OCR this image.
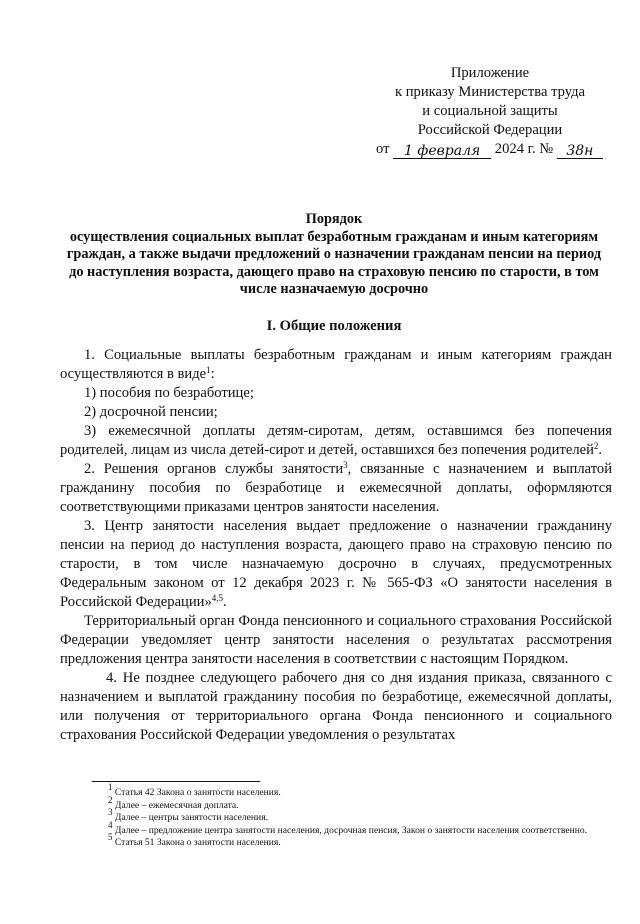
Приложение
к приказу Министерства труда
и социальной защиты
Российской Федерации
от 1 февраля 2024 г. № 38н
Порядок
осуществления социальных выплат безработным гражданам и иным категориям граждан, а также выдачи предложений о назначении гражданам пенсии на период до наступления возраста, дающего право на страховую пенсию по старости, в том числе назначаемую досрочно
I. Общие положения

1. Социальные выплаты безработным гражданам и иным категориям граждан осуществляются в виде$^1$:

1) пособия по безработице;

2) досрочной пенсии;

3) ежемесячной доплаты детям-сиротам, детям, оставшимся без попечения родителей, лицам из числа детей-сирот и детей, оставшихся без попечения родителей$^2$.

2. Решения органов службы занятости$^3$, связанные с назначением и выплатой гражданину пособия по безработице и ежемесячной доплаты, оформляются соответствующими приказами центров занятости населения.

3. Центр занятости населения выдает предложение о назначении гражданину пенсии на период до наступления возраста, дающего право на страховую пенсию по старости, в том числе назначаемую досрочно в случаях, предусмотренных Федеральным законом от 12 декабря 2023 г. № 565-ФЗ «О занятости населения в Российской Федерации»$^{4,5}$.

Территориальный орган Фонда пенсионного и социального страхования Российской Федерации уведомляет центр занятости населения о результатах рассмотрения предложения центра занятости населения в соответствии с настоящим Порядком.

4. Не позднее следующего рабочего дня со дня издания приказа, связанного с назначением и выплатой гражданину пособия по безработице, ежемесячной доплаты, или получения от территориального органа Фонда пенсионного и социального страхования Российской Федерации уведомления о результатах

$^1$ Статья 42 Закона о занятости населения.

$^2$ Далее – ежемесячная доплата.

$^3$ Далее – центры занятости населения.

$^4$ Далее – предложение центра занятости населения, досрочная пенсия, Закон о занятости населения соответственно.

$^5$ Статья 51 Закона о занятости населения.
